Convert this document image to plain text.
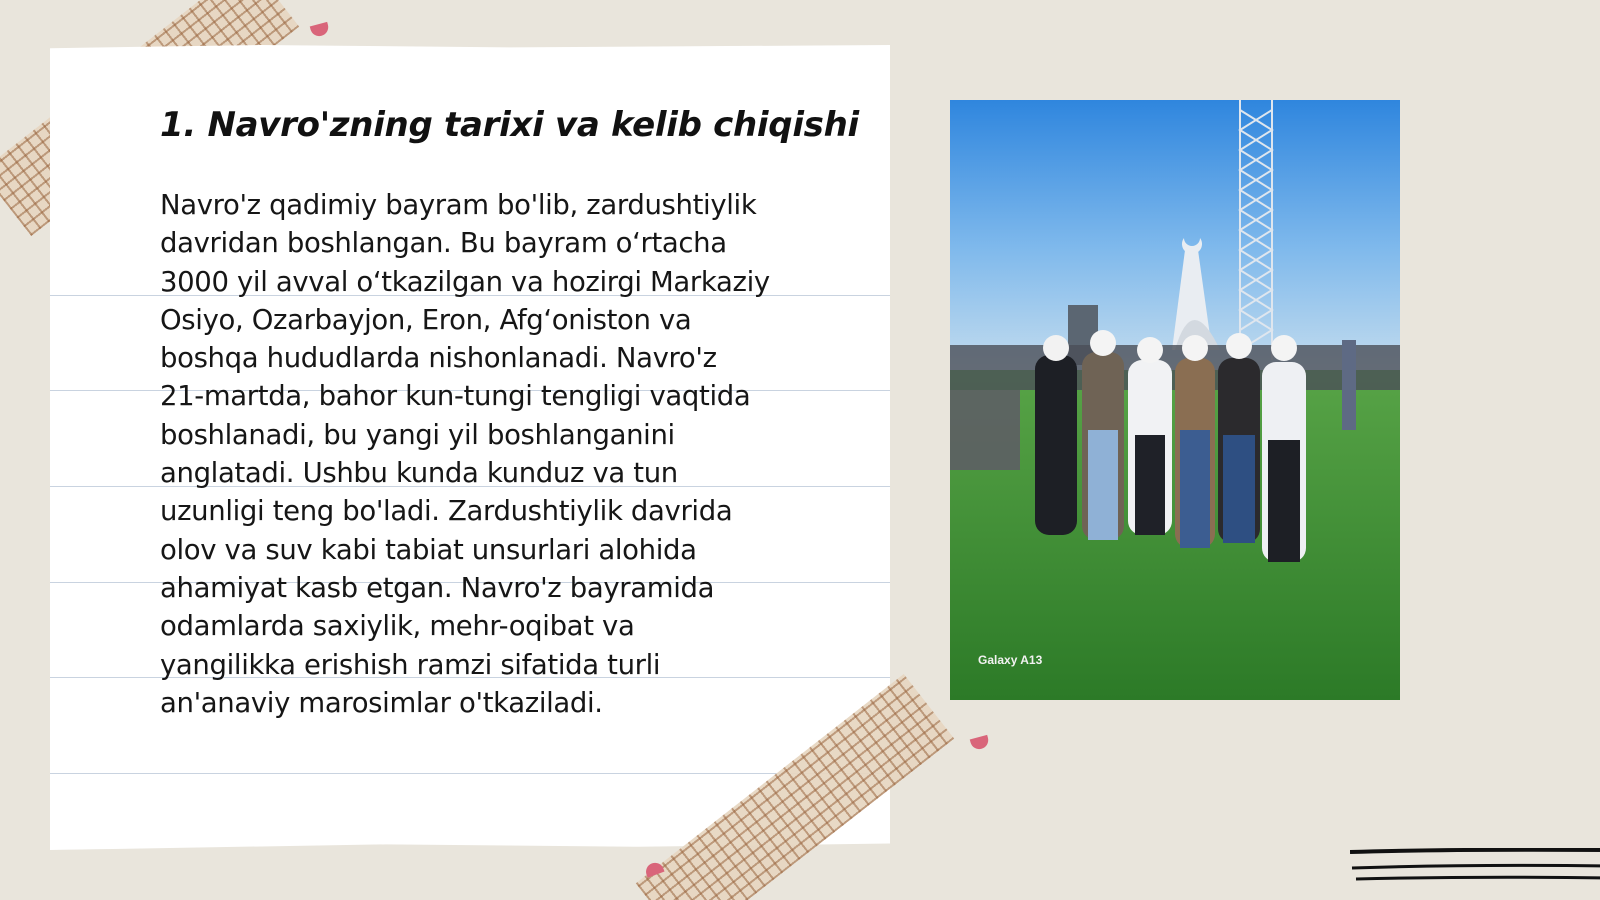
1. Navro'zning tarixi va kelib chiqishi
Navro'z qadimiy bayram bo'lib, zardushtiylik
davridan boshlangan. Bu bayram o‘rtacha
3000 yil avval o‘tkazilgan va hozirgi Markaziy
Osiyo, Ozarbayjon, Eron, Afg‘oniston va
boshqa hududlarda nishonlanadi. Navro'z
21-martda, bahor kun-tungi tengligi vaqtida
boshlanadi, bu yangi yil boshlanganini
anglatadi. Ushbu kunda kunduz va tun
uzunligi teng bo'ladi. Zardushtiylik davrida
olov va suv kabi tabiat unsurlari alohida
ahamiyat kasb etgan. Navro'z bayramida
odamlarda saxiylik, mehr-oqibat va
yangilikka erishish ramzi sifatida turli
an'anaviy marosimlar o'tkaziladi.
Galaxy A13
